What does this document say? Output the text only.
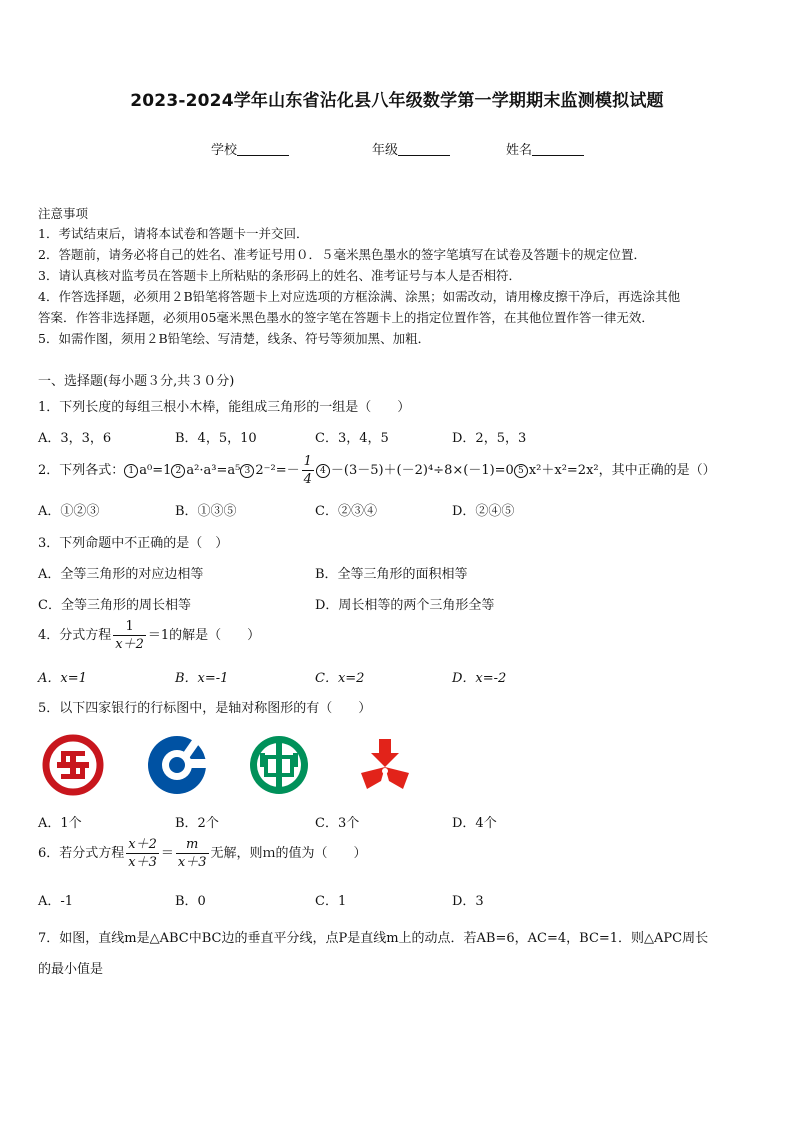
2023-2024学年山东省沾化县八年级数学第一学期期末监测模拟试题
学校	年级	姓名
注意事项
1．考试结束后，请将本试卷和答题卡一并交回．
2．答题前，请务必将自己的姓名、准考证号用０．５毫米黑色墨水的签字笔填写在试卷及答题卡的规定位置．
3．请认真核对监考员在答题卡上所粘贴的条形码上的姓名、准考证号与本人是否相符．
4．作答选择题，必须用２B铅笔将答题卡上对应选项的方框涂满、涂黑；如需改动，请用橡皮擦干净后，再选涂其他
答案．作答非选择题，必须用05毫米黑色墨水的签字笔在答题卡上的指定位置作答，在其他位置作答一律无效．
5．如需作图，须用２B铅笔绘、写清楚，线条、符号等须加黑、加粗．
一、选择题(每小题３分,共３０分)
1．下列长度的每组三根小木棒，能组成三角形的一组是（　　）
A．3，3，6	B．4，5，10	C．3，4，5	D．2，5，3
2．下列各式： 1 a⁰=1 2 a²·a³=a⁵ 3 $2^{-2}=- \frac{1}{4} 4 -(3-5)+(-2)^4\div 8\times(-1)=0$ 5 x²＋x²=2x²，其中正确的是（）
A．①②③	B．①③⑤	C．②③④	D．②④⑤
3．下列命题中不正确的是（　）
A．全等三角形的对应边相等	B．全等三角形的面积相等
C．全等三角形的周长相等	D．周长相等的两个三角形全等
4．分式方程 $\frac{1}{x+2} =1$的解是（　　）
A．x=1	B．x=-1	C．x=2	D．x=-2
5．以下四家银行的行标图中，是轴对称图形的有（　　）
A．1个	B．2个	C．3个	D．4个
6．若分式方程 $\frac{x+2}{x+3} = \frac{m}{x+3}$ 无解，则ｍ的值为（　　）
A．-1	B．0	C．1	D．3
7．如图，直线m是△ABC中BC边的垂直平分线，点P是直线m上的动点．若AB=6，AC=4，BC=1．则△APC周长
的最小值是
